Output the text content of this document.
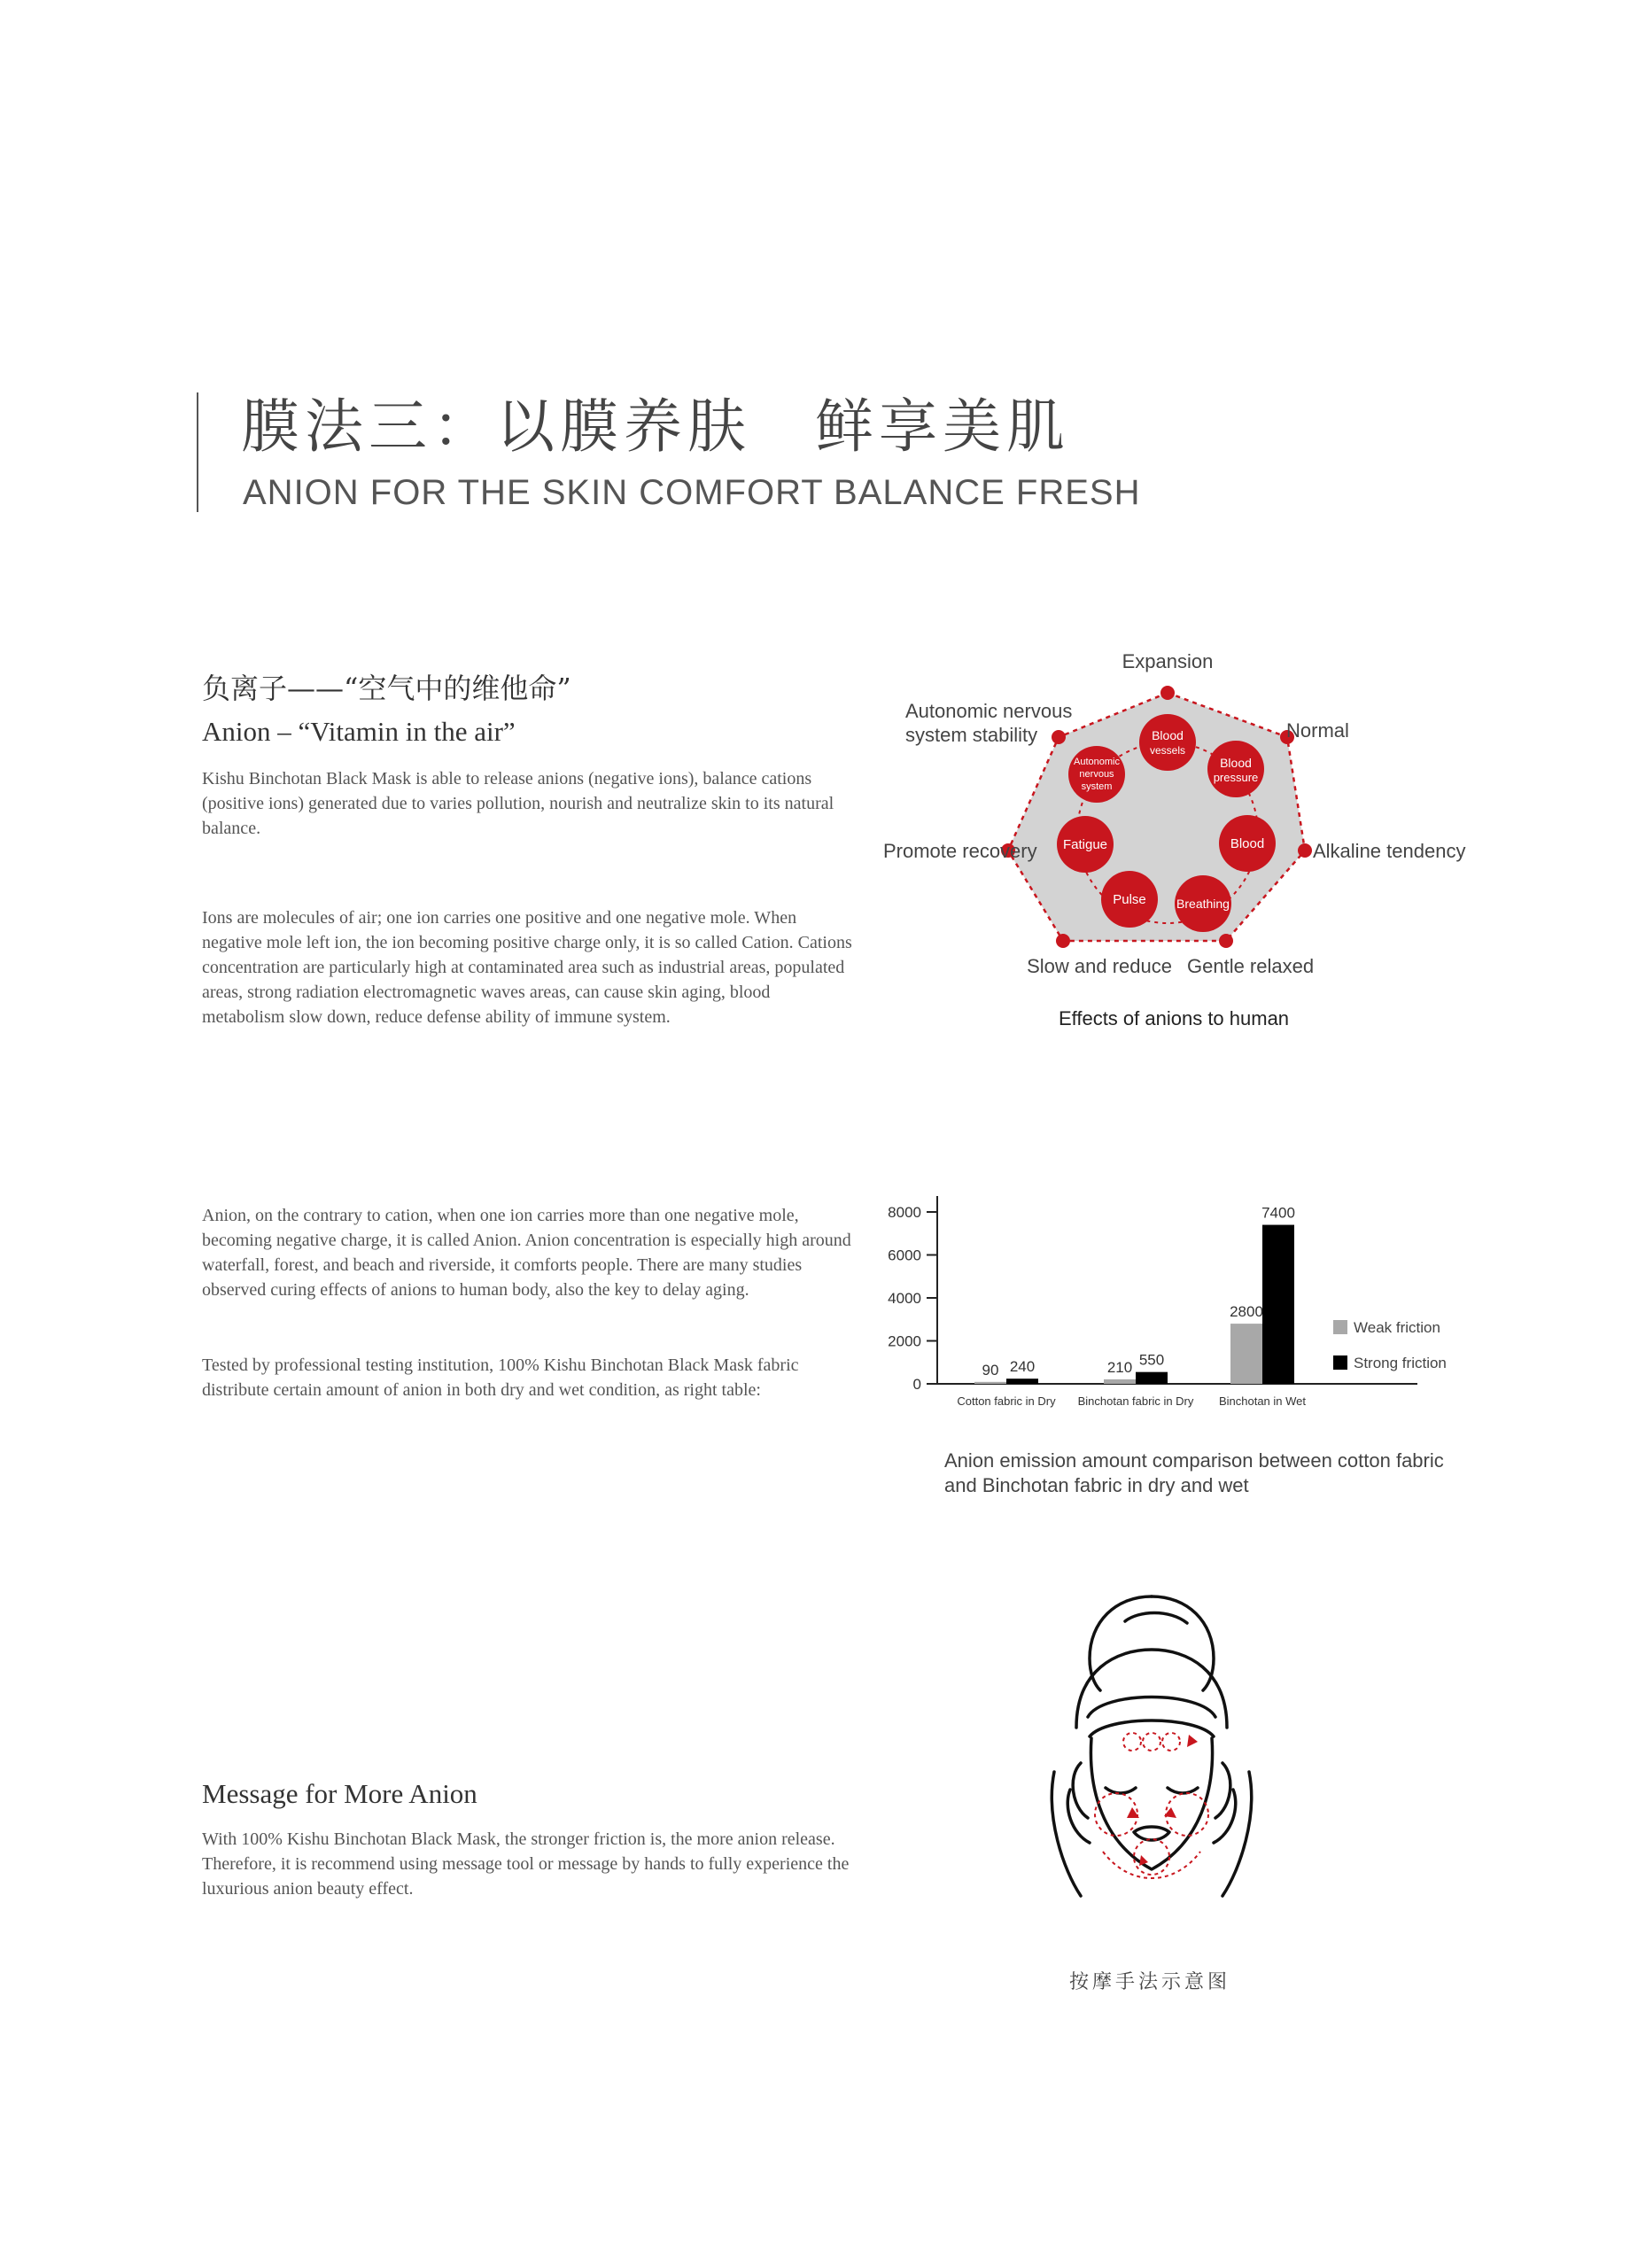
膜法三：以膜养肤　鲜享美肌
ANION FOR THE SKIN COMFORT BALANCE FRESH
负离子——“空气中的维他命”
Anion – “Vitamin in the air”
Kishu Binchotan Black Mask is able to release anions (negative ions), balance cations (positive ions) generated due to varies pollution, nourish and neutralize skin to its natural balance.
Ions are molecules of air; one ion carries one positive and one negative mole. When negative mole left ion, the ion becoming positive charge only, it is so called Cation. Cations concentration are particularly high at contaminated area such as industrial areas, populated areas, strong radiation electromagnetic waves areas, can cause skin aging, blood metabolism slow down, reduce defense ability of immune system.
Blood
vessels
Blood
pressure
Blood
Breathing
Pulse
Fatigue
Autonomic
nervous
system
Expansion
Normal
Alkaline tendency
Gentle relaxed
Slow and reduce
Promote recovery
Autonomic nervous
system stability
Effects of anions to human
Anion, on the contrary to cation, when one ion carries more than one negative mole, becoming negative charge, it is called Anion. Anion concentration is especially high around waterfall, forest, and beach and riverside, it comforts people. There are many studies observed curing effects of anions to human body, also the key to delay aging.
Tested by professional testing institution, 100% Kishu Binchotan Black Mask fabric distribute certain amount of anion in both dry and wet condition, as right table:
8000
6000
4000
2000
0
90 240
Cotton fabric in Dry
210 550
Binchotan fabric in Dry
2800
7400
Binchotan in Wet
Weak friction
Strong friction
Anion emission amount comparison between cotton fabric
and Binchotan fabric in dry and wet
Message for More Anion
With 100% Kishu Binchotan Black Mask, the stronger friction is, the more anion release. Therefore, it is recommend using message tool or message by hands to fully experience the luxurious anion beauty effect.
按摩手法示意图
